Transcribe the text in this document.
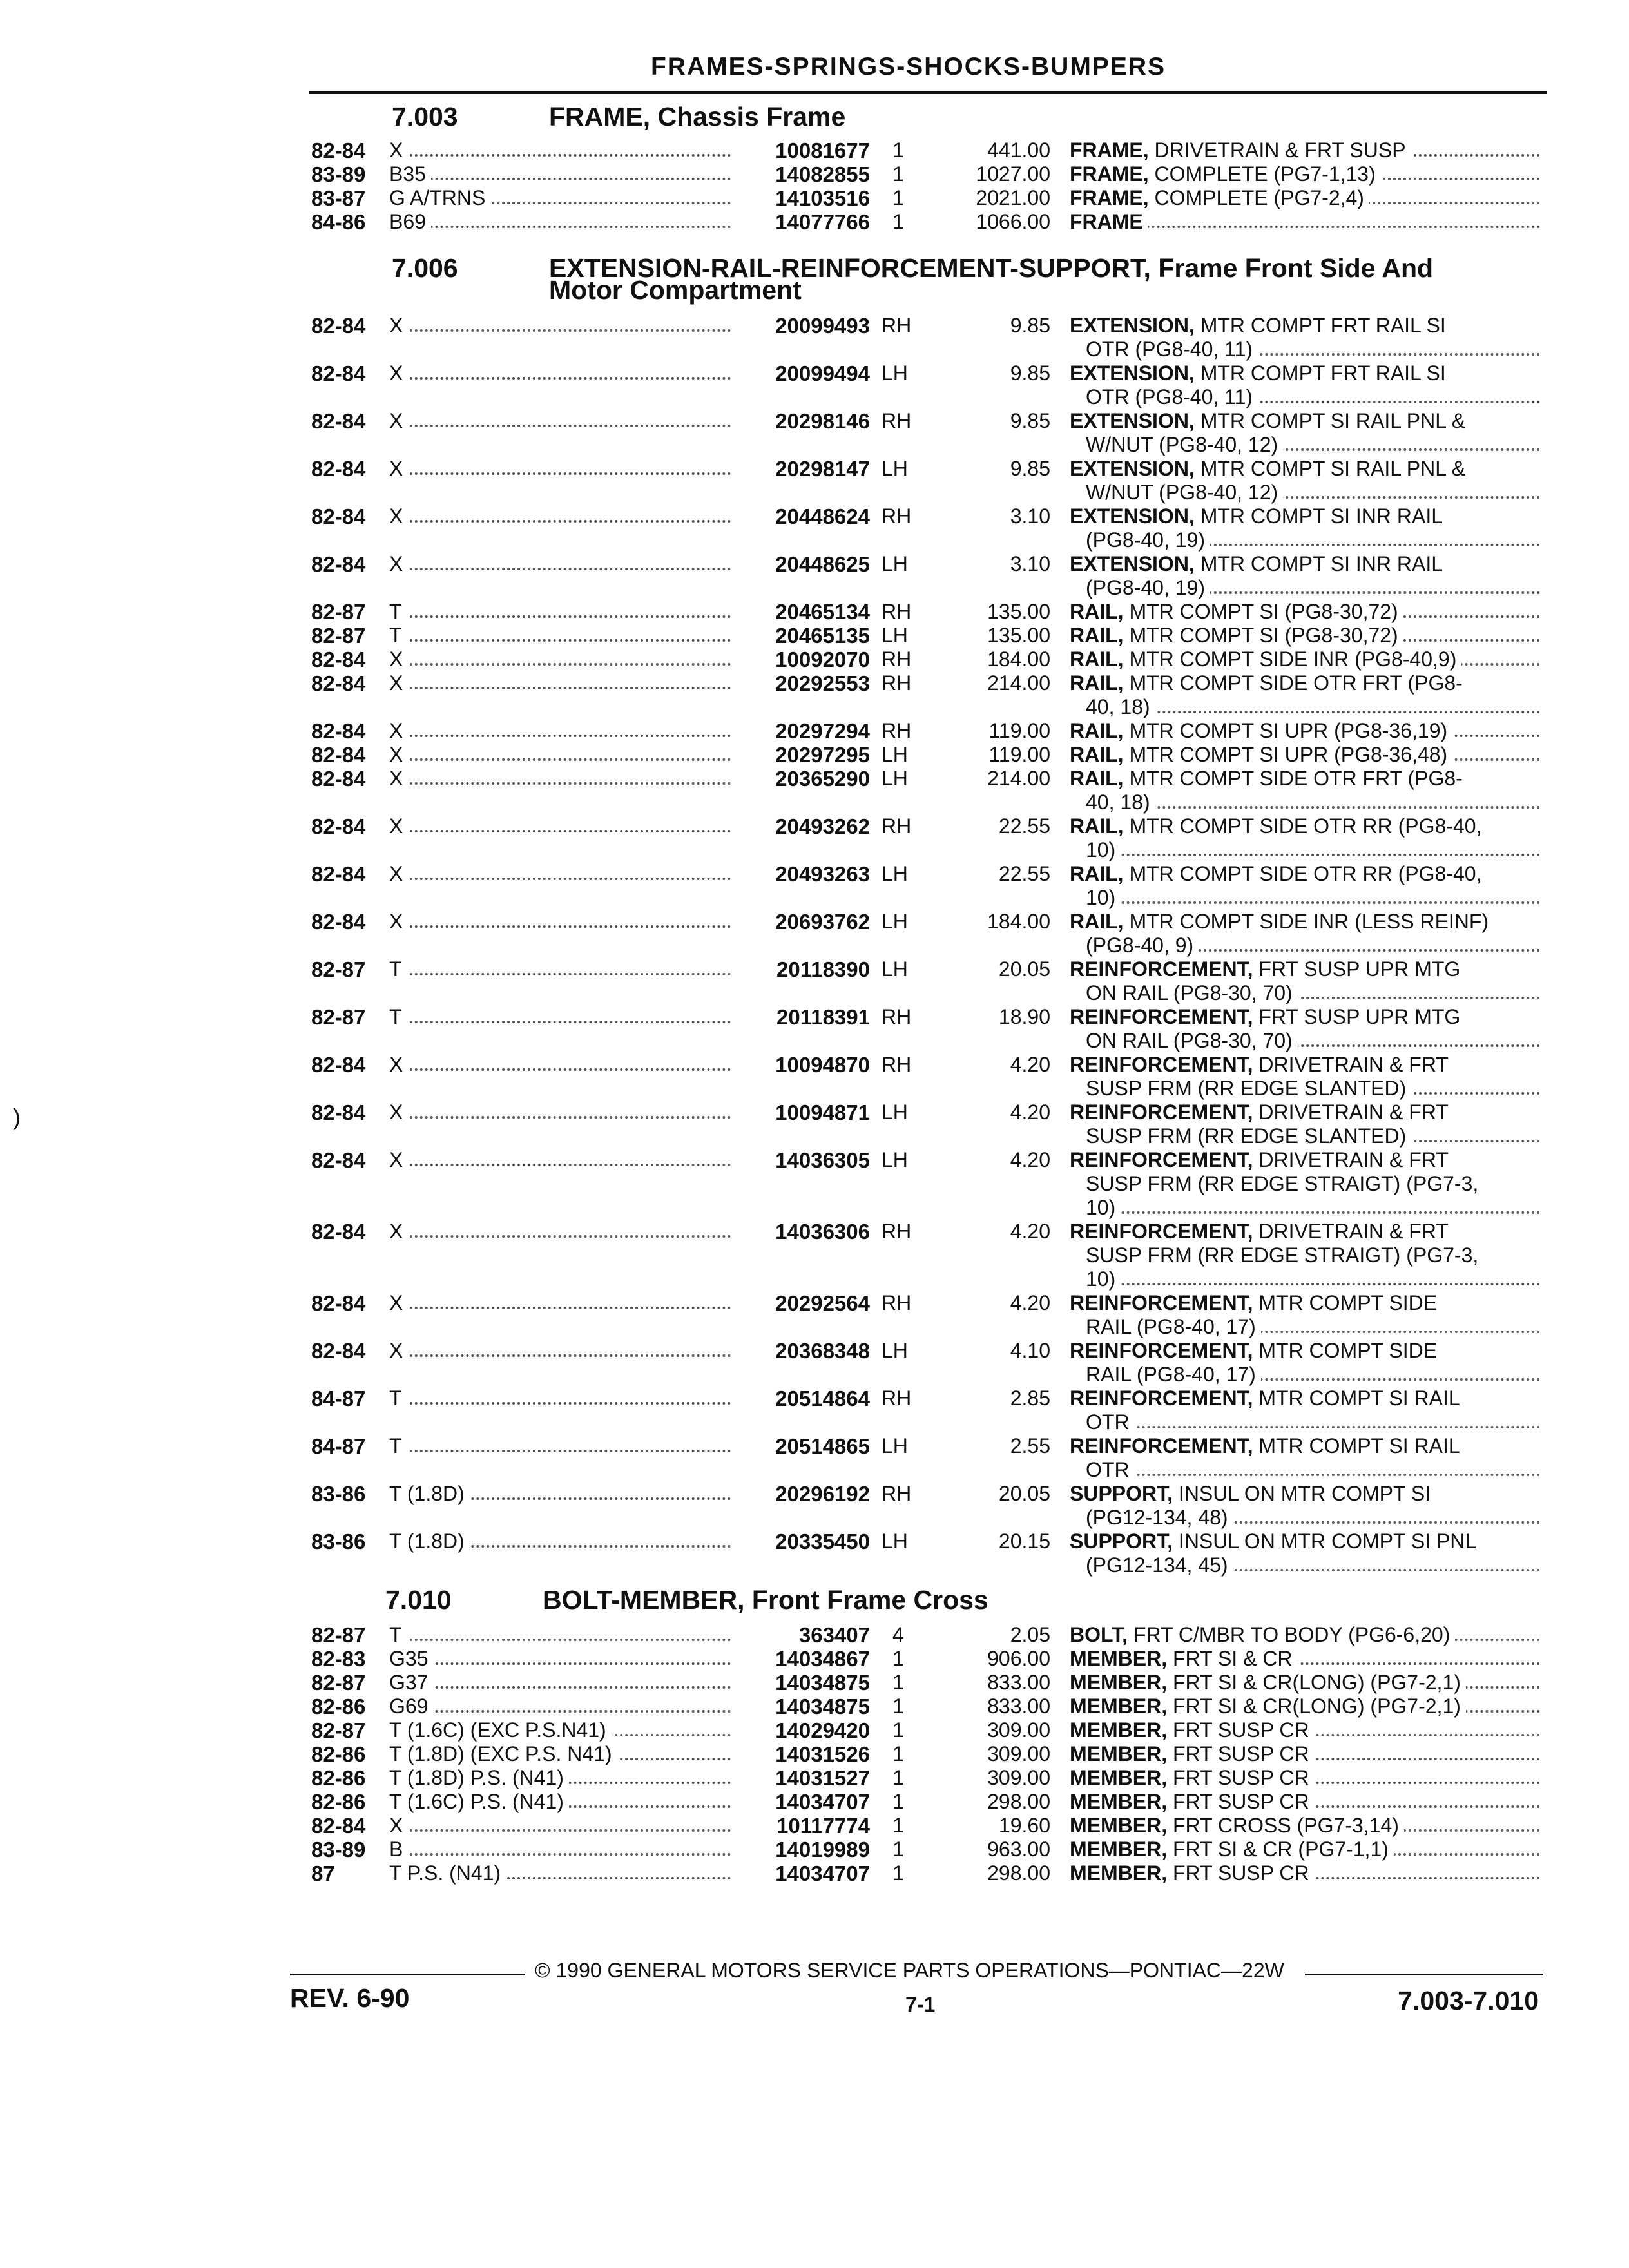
FRAMES-SPRINGS-SHOCKS-BUMPERS
7.003	FRAME, Chassis Frame
82-84 X	10081677 1	441.00 FRAME, DRIVETRAIN & FRT SUSP
83-89 B35	14082855 1	1027.00 FRAME, COMPLETE (PG7-1,13)
83-87 G A/TRNS	14103516 1	2021.00 FRAME, COMPLETE (PG7-2,4)
84-86 B69	14077766 1	1066.00 FRAME
7.006	EXTENSION-RAIL-REINFORCEMENT-SUPPORT, Frame Front Side And
Motor Compartment
82-84 X	20099493 RH	9.85 EXTENSION, MTR COMPT FRT RAIL SI
OTR (PG8-40, 11)
82-84 X	20099494 LH	9.85 EXTENSION, MTR COMPT FRT RAIL SI
OTR (PG8-40, 11)
82-84 X	20298146 RH	9.85 EXTENSION, MTR COMPT SI RAIL PNL &
W/NUT (PG8-40, 12)
82-84 X	20298147 LH	9.85 EXTENSION, MTR COMPT SI RAIL PNL &
W/NUT (PG8-40, 12)
82-84 X	20448624 RH	3.10 EXTENSION, MTR COMPT SI INR RAIL
(PG8-40, 19)
82-84 X	20448625 LH	3.10 EXTENSION, MTR COMPT SI INR RAIL
(PG8-40, 19)
82-87 T	20465134 RH	135.00 RAIL, MTR COMPT SI (PG8-30,72)
82-87 T	20465135 LH	135.00 RAIL, MTR COMPT SI (PG8-30,72)
82-84 X	10092070 RH	184.00 RAIL, MTR COMPT SIDE INR (PG8-40,9)
82-84 X	20292553 RH	214.00 RAIL, MTR COMPT SIDE OTR FRT (PG8-
40, 18)
82-84 X	20297294 RH	119.00 RAIL, MTR COMPT SI UPR (PG8-36,19)
82-84 X	20297295 LH	119.00 RAIL, MTR COMPT SI UPR (PG8-36,48)
82-84 X	20365290 LH	214.00 RAIL, MTR COMPT SIDE OTR FRT (PG8-
40, 18)
82-84 X	20493262 RH	22.55 RAIL, MTR COMPT SIDE OTR RR (PG8-40,
10)
82-84 X	20493263 LH	22.55 RAIL, MTR COMPT SIDE OTR RR (PG8-40,
10)
82-84 X	20693762 LH	184.00 RAIL, MTR COMPT SIDE INR (LESS REINF)
(PG8-40, 9)
82-87 T	20118390 LH	20.05 REINFORCEMENT, FRT SUSP UPR MTG
ON RAIL (PG8-30, 70)
82-87 T	20118391 RH	18.90 REINFORCEMENT, FRT SUSP UPR MTG
ON RAIL (PG8-30, 70)
82-84 X	10094870 RH	4.20 REINFORCEMENT, DRIVETRAIN & FRT
SUSP FRM (RR EDGE SLANTED)
82-84 X	10094871 LH	4.20 REINFORCEMENT, DRIVETRAIN & FRT
SUSP FRM (RR EDGE SLANTED)
82-84 X	14036305 LH	4.20 REINFORCEMENT, DRIVETRAIN & FRT
SUSP FRM (RR EDGE STRAIGT) (PG7-3,
10)
82-84 X	14036306 RH	4.20 REINFORCEMENT, DRIVETRAIN & FRT
SUSP FRM (RR EDGE STRAIGT) (PG7-3,
10)
82-84 X	20292564 RH	4.20 REINFORCEMENT, MTR COMPT SIDE
RAIL (PG8-40, 17)
82-84 X	20368348 LH	4.10 REINFORCEMENT, MTR COMPT SIDE
RAIL (PG8-40, 17)
84-87 T	20514864 RH	2.85 REINFORCEMENT, MTR COMPT SI RAIL
OTR
84-87 T	20514865 LH	2.55 REINFORCEMENT, MTR COMPT SI RAIL
OTR
83-86 T (1.8D)	20296192 RH	20.05 SUPPORT, INSUL ON MTR COMPT SI
(PG12-134, 48)
83-86 T (1.8D)	20335450 LH	20.15 SUPPORT, INSUL ON MTR COMPT SI PNL
(PG12-134, 45)
7.010	BOLT-MEMBER, Front Frame Cross
82-87 T	363407 4	2.05 BOLT, FRT C/MBR TO BODY (PG6-6,20)
82-83 G35	14034867 1	906.00 MEMBER, FRT SI & CR
82-87 G37	14034875 1	833.00 MEMBER, FRT SI & CR(LONG) (PG7-2,1)
82-86 G69	14034875 1	833.00 MEMBER, FRT SI & CR(LONG) (PG7-2,1)
82-87 T (1.6C) (EXC P.S.N41)	14029420 1	309.00 MEMBER, FRT SUSP CR
82-86 T (1.8D) (EXC P.S. N41)	14031526 1	309.00 MEMBER, FRT SUSP CR
82-86 T (1.8D) P.S. (N41)	14031527 1	309.00 MEMBER, FRT SUSP CR
82-86 T (1.6C) P.S. (N41)	14034707 1	298.00 MEMBER, FRT SUSP CR
82-84 X	10117774 1	19.60 MEMBER, FRT CROSS (PG7-3,14)
83-89 B	14019989 1	963.00 MEMBER, FRT SI & CR (PG7-1,1)
87	T P.S. (N41)	14034707 1	298.00 MEMBER, FRT SUSP CR
)
© 1990 GENERAL MOTORS SERVICE PARTS OPERATIONS—PONTIAC—22W
REV. 6-90	7-1	7.003-7.010
